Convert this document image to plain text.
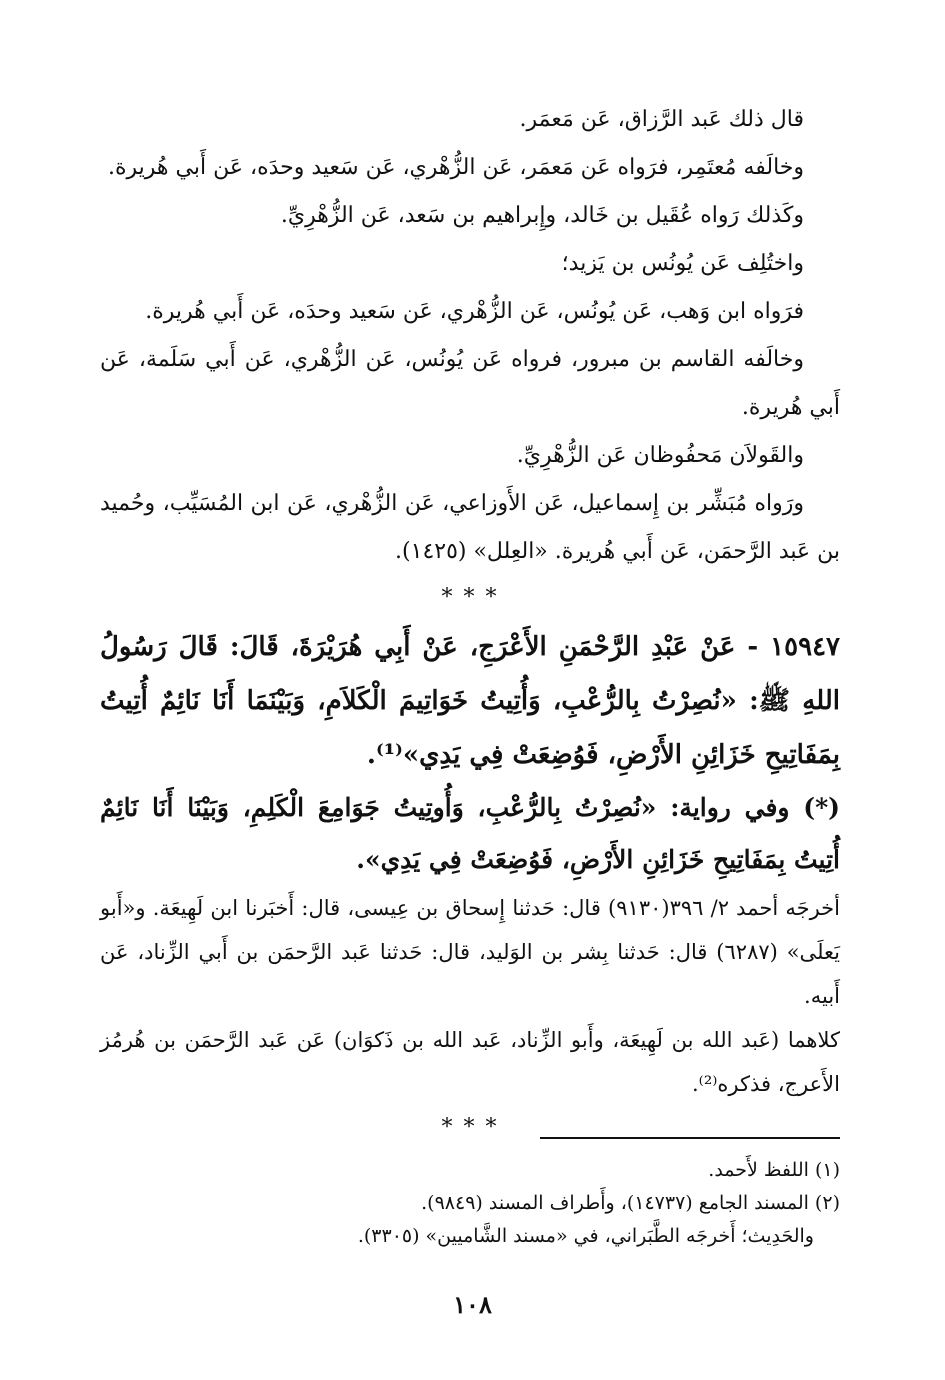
قال ذلك عَبد الرَّزاق، عَن مَعمَر.

وخالَفه مُعتَمِر، فرَواه عَن مَعمَر، عَن الزُّهْري، عَن سَعيد وحدَه، عَن أَبي هُريرة.

وكَذلك رَواه عُقَيل بن خَالد، وإِبراهيم بن سَعد، عَن الزُّهْرِيِّ.

واختُلِف عَن يُونُس بن يَزيد؛

فرَواه ابن وَهب، عَن يُونُس، عَن الزُّهْري، عَن سَعيد وحدَه، عَن أَبي هُريرة.

وخالَفه القاسم بن مبرور، فرواه عَن يُونُس، عَن الزُّهْري، عَن أَبي سَلَمة، عَن أَبي هُريرة.

والقَولاَن مَحفُوظان عَن الزُّهْرِيِّ.

ورَواه مُبَشِّر بن إِسماعيل، عَن الأَوزاعي، عَن الزُّهْري، عَن ابن المُسَيِّب، وحُميد بن عَبد الرَّحمَن، عَن أَبي هُريرة. «العِلل» (١٤٢٥).

* * *

١٥٩٤٧ - عَنْ عَبْدِ الرَّحْمَنِ الأَعْرَجِ، عَنْ أَبِي هُرَيْرَةَ، قَالَ: قَالَ رَسُولُ اللهِ ﷺ: «نُصِرْتُ بِالرُّعْبِ، وَأُتِيتُ خَوَاتِيمَ الْكَلاَمِ، وَبَيْنَمَا أَنَا نَائِمٌ أُتِيتُ بِمَفَاتِيحِ خَزَائِنِ الأَرْضِ، فَوُضِعَتْ فِي يَدِي»⁽¹⁾.

(*) وفي رواية: «نُصِرْتُ بِالرُّعْبِ، وَأُوتِيتُ جَوَامِعَ الْكَلِمِ، وَبَيْنَا أَنَا نَائِمٌ أُتِيتُ بِمَفَاتِيحِ خَزَائِنِ الأَرْضِ، فَوُضِعَتْ فِي يَدِي».

أخرجَه أحمد ٢/ ٣٩٦(٩١٣٠) قال: حَدثنا إِسحاق بن عِيسى، قال: أَخبَرنا ابن لَهِيعَة. و«أَبو يَعلَى» (٦٢٨٧) قال: حَدثنا بِشر بن الوَليد، قال: حَدثنا عَبد الرَّحمَن بن أَبي الزِّناد، عَن أَبيه.

كلاهما (عَبد الله بن لَهِيعَة، وأَبو الزِّناد، عَبد الله بن ذَكوَان) عَن عَبد الرَّحمَن بن هُرمُز الأَعرج، فذكره⁽²⁾.

* * *

(١) اللفظ لأَحمد.

(٢) المسند الجامع (١٤٧٣٧)، وأَطراف المسند (٩٨٤٩).

والحَدِيث؛ أَخرجَه الطَّبَراني، في «مسند الشَّاميين» (٣٣٠٥).

١٠٨
